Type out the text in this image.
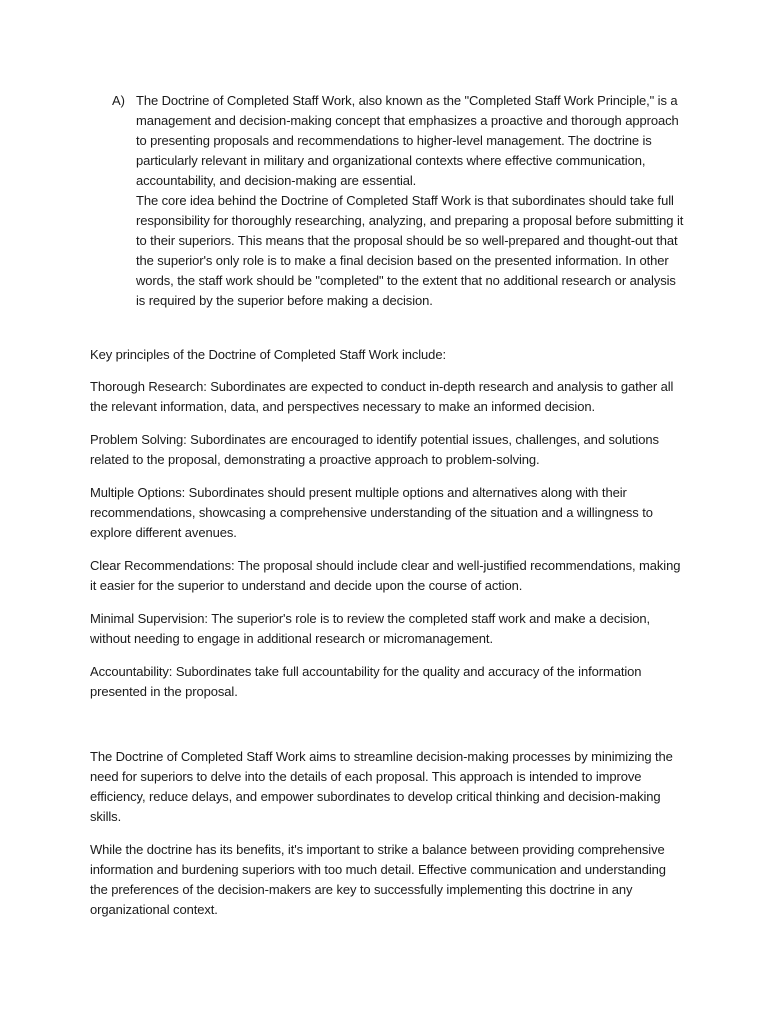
A) The Doctrine of Completed Staff Work, also known as the "Completed Staff Work Principle," is a management and decision-making concept that emphasizes a proactive and thorough approach to presenting proposals and recommendations to higher-level management. The doctrine is particularly relevant in military and organizational contexts where effective communication, accountability, and decision-making are essential.

The core idea behind the Doctrine of Completed Staff Work is that subordinates should take full responsibility for thoroughly researching, analyzing, and preparing a proposal before submitting it to their superiors. This means that the proposal should be so well-prepared and thought-out that the superior's only role is to make a final decision based on the presented information. In other words, the staff work should be "completed" to the extent that no additional research or analysis is required by the superior before making a decision.

Key principles of the Doctrine of Completed Staff Work include:

Thorough Research: Subordinates are expected to conduct in-depth research and analysis to gather all the relevant information, data, and perspectives necessary to make an informed decision.

Problem Solving: Subordinates are encouraged to identify potential issues, challenges, and solutions related to the proposal, demonstrating a proactive approach to problem-solving.

Multiple Options: Subordinates should present multiple options and alternatives along with their recommendations, showcasing a comprehensive understanding of the situation and a willingness to explore different avenues.

Clear Recommendations: The proposal should include clear and well-justified recommendations, making it easier for the superior to understand and decide upon the course of action.

Minimal Supervision: The superior's role is to review the completed staff work and make a decision, without needing to engage in additional research or micromanagement.

Accountability: Subordinates take full accountability for the quality and accuracy of the information presented in the proposal.

The Doctrine of Completed Staff Work aims to streamline decision-making processes by minimizing the need for superiors to delve into the details of each proposal. This approach is intended to improve efficiency, reduce delays, and empower subordinates to develop critical thinking and decision-making skills.

While the doctrine has its benefits, it's important to strike a balance between providing comprehensive information and burdening superiors with too much detail. Effective communication and understanding the preferences of the decision-makers are key to successfully implementing this doctrine in any organizational context.
